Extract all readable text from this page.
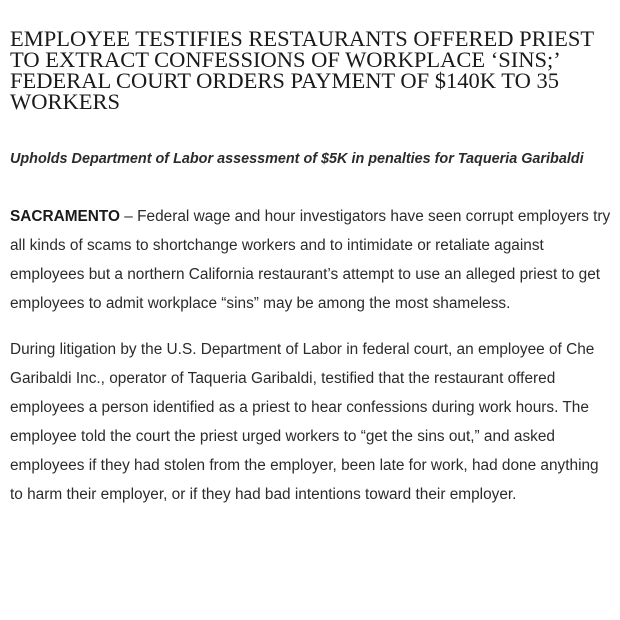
EMPLOYEE TESTIFIES RESTAURANTS OFFERED PRIEST TO EXTRACT CONFESSIONS OF WORKPLACE ‘SINS;’ FEDERAL COURT ORDERS PAYMENT OF $140K TO 35 WORKERS

Upholds Department of Labor assessment of $5K in penalties for Taqueria Garibaldi

SACRAMENTO – Federal wage and hour investigators have seen corrupt employers try all kinds of scams to shortchange workers and to intimidate or retaliate against employees but a northern California restaurant’s attempt to use an alleged priest to get employees to admit workplace “sins” may be among the most shameless.

During litigation by the U.S. Department of Labor in federal court, an employee of Che Garibaldi Inc., operator of Taqueria Garibaldi, testified that the restaurant offered employees a person identified as a priest to hear confessions during work hours. The employee told the court the priest urged workers to “get the sins out,” and asked employees if they had stolen from the employer, been late for work, had done anything to harm their employer, or if they had bad intentions toward their employer.
